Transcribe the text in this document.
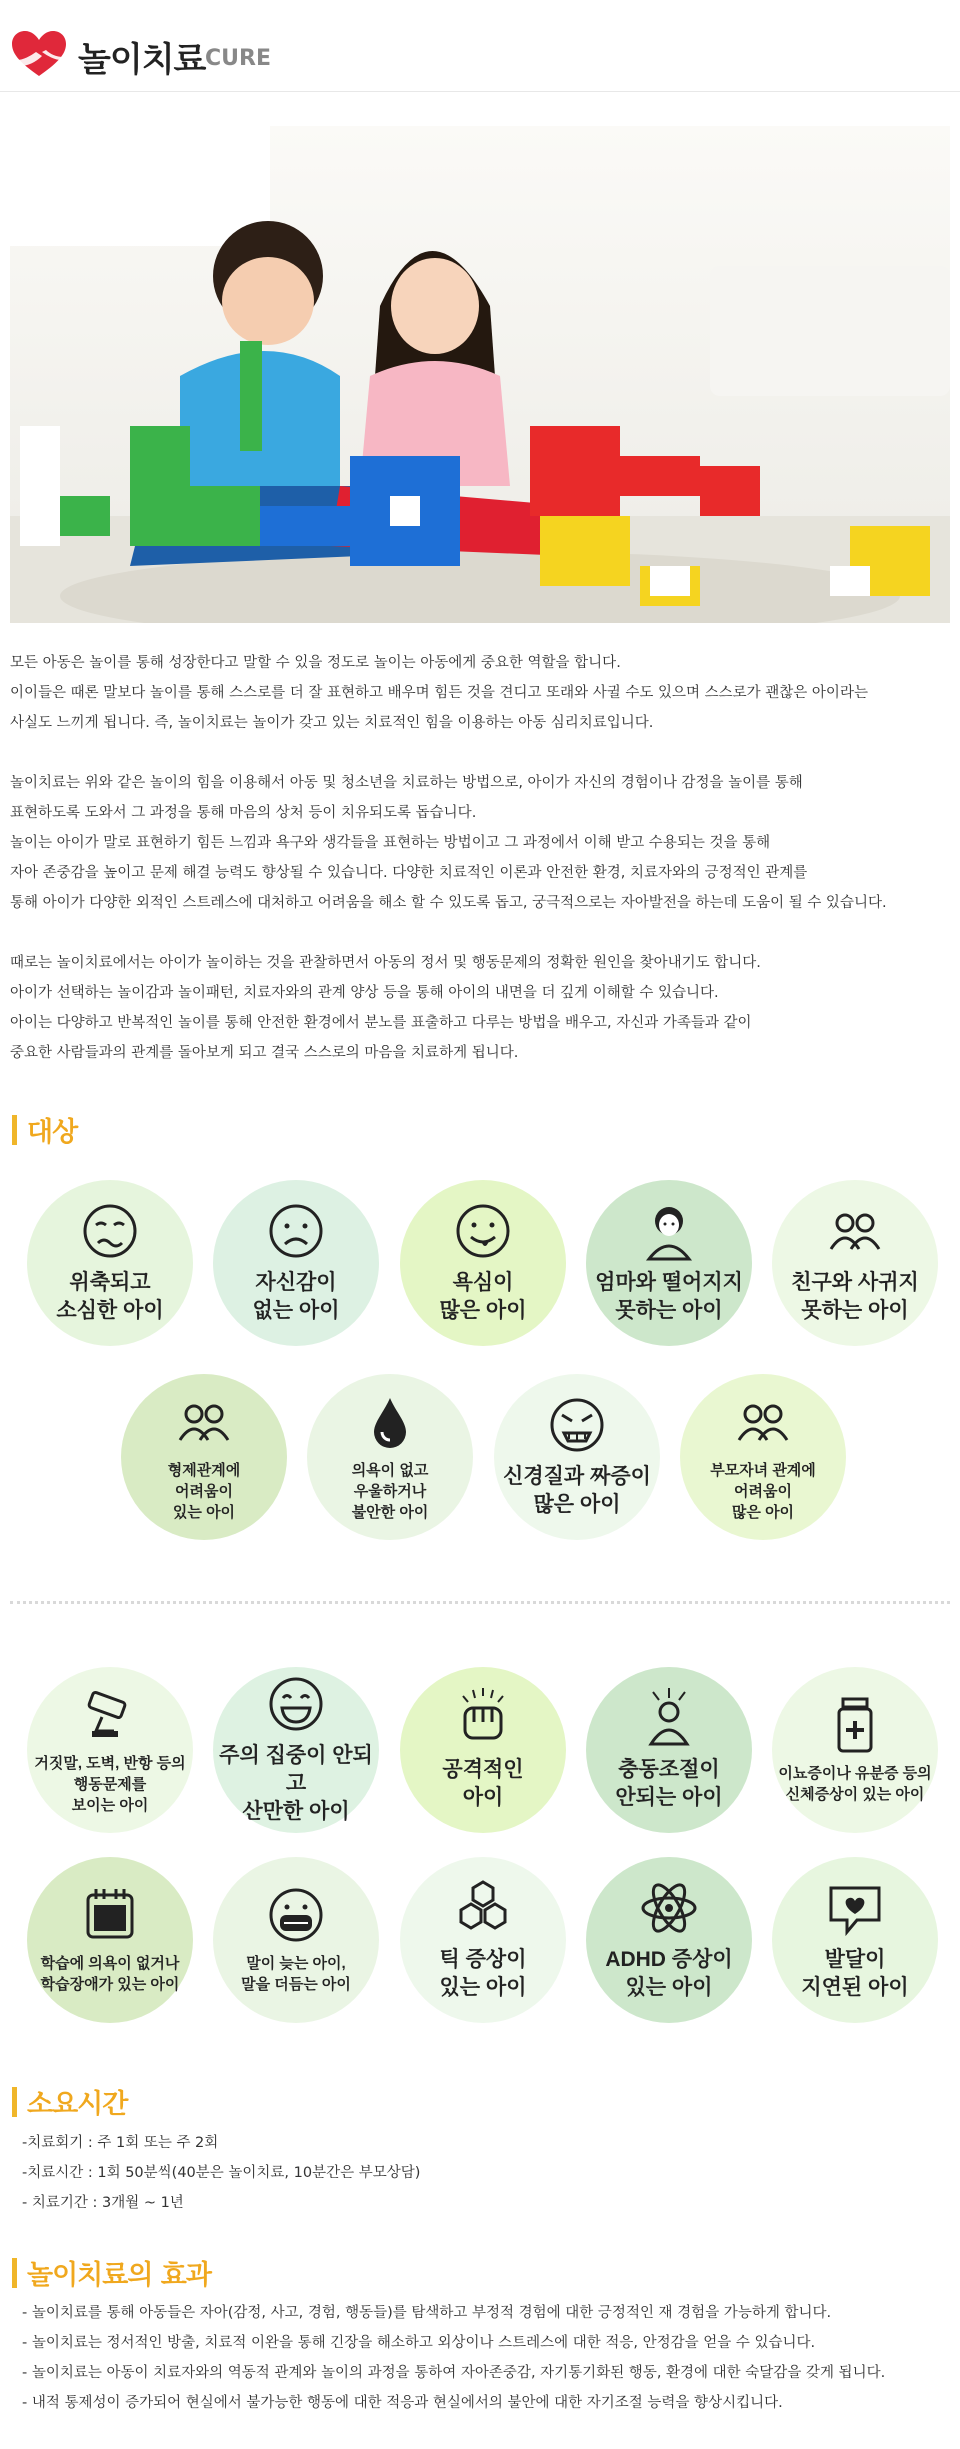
놀이치료 CURE

모든 아동은 놀이를 통해 성장한다고 말할 수 있을 정도로 놀이는 아동에게 중요한 역할을 합니다.
이이들은 때론 말보다 놀이를 통해 스스로를 더 잘 표현하고 배우며 힘든 것을 견디고 또래와 사귈 수도 있으며 스스로가 괜찮은 아이라는
사실도 느끼게 됩니다. 즉, 놀이치료는 놀이가 갖고 있는 치료적인 힘을 이용하는 아동 심리치료입니다.

놀이치료는 위와 같은 놀이의 힘을 이용해서 아동 및 청소년을 치료하는 방법으로, 아이가 자신의 경험이나 감정을 놀이를 통해
표현하도록 도와서 그 과정을 통해 마음의 상처 등이 치유되도록 돕습니다.
놀이는 아이가 말로 표현하기 힘든 느낌과 욕구와 생각들을 표현하는 방법이고 그 과정에서 이해 받고 수용되는 것을 통해
자아 존중감을 높이고 문제 해결 능력도 향상될 수 있습니다. 다양한 치료적인 이론과 안전한 환경, 치료자와의 긍정적인 관계를
통해 아이가 다양한 외적인 스트레스에 대처하고 어려움을 해소 할 수 있도록 돕고, 궁극적으로는 자아발전을 하는데 도움이 될 수 있습니다.

때로는 놀이치료에서는 아이가 놀이하는 것을 관찰하면서 아동의 정서 및 행동문제의 정확한 원인을 찾아내기도 합니다.
아이가 선택하는 놀이감과 놀이패턴, 치료자와의 관계 양상 등을 통해 아이의 내면을 더 깊게 이해할 수 있습니다.
아이는 다양하고 반복적인 놀이를 통해 안전한 환경에서 분노를 표출하고 다루는 방법을 배우고, 자신과 가족들과 같이
중요한 사람들과의 관계를 돌아보게 되고 결국 스스로의 마음을 치료하게 됩니다.

대상
위축되고
소심한 아이
자신감이
없는 아이
욕심이
많은 아이
엄마와 떨어지지
못하는 아이
친구와 사귀지
못하는 아이
형제관계에
어려움이
있는 아이
의욕이 없고
우울하거나
불안한 아이
신경질과 짜증이
많은 아이
부모자녀 관계에
어려움이
많은 아이
거짓말, 도벽, 반항 등의
행동문제를
보이는 아이
주의 집중이 안되고
산만한 아이
공격적인
아이
충동조절이
안되는 아이
이뇨증이나 유분증 등의
신체증상이 있는 아이
학습에 의욕이 없거나
학습장애가 있는 아이
말이 늦는 아이,
말을 더듬는 아이
틱 증상이
있는 아이
ADHD 증상이
있는 아이
발달이
지연된 아이
소요시간
-치료회기 : 주 1회 또는 주 2회
-치료시간 : 1회 50분씩(40분은 놀이치료, 10분간은 부모상담)
- 치료기간 : 3개월 ~ 1년
놀이치료의 효과
- 놀이치료를 통해 아동들은 자아(감정, 사고, 경험, 행동들)를 탐색하고 부정적 경험에 대한 긍정적인 재 경험을 가능하게 합니다.
- 놀이치료는 정서적인 방출, 치료적 이완을 통해 긴장을 해소하고 외상이나 스트레스에 대한 적응, 안정감을 얻을 수 있습니다.
- 놀이치료는 아동이 치료자와의 역동적 관계와 놀이의 과정을 통하여 자아존중감, 자기통기화된 행동, 환경에 대한 숙달감을 갖게 됩니다.
- 내적 통제성이 증가되어 현실에서 불가능한 행동에 대한 적응과 현실에서의 불안에 대한 자기조절 능력을 향상시킵니다.
